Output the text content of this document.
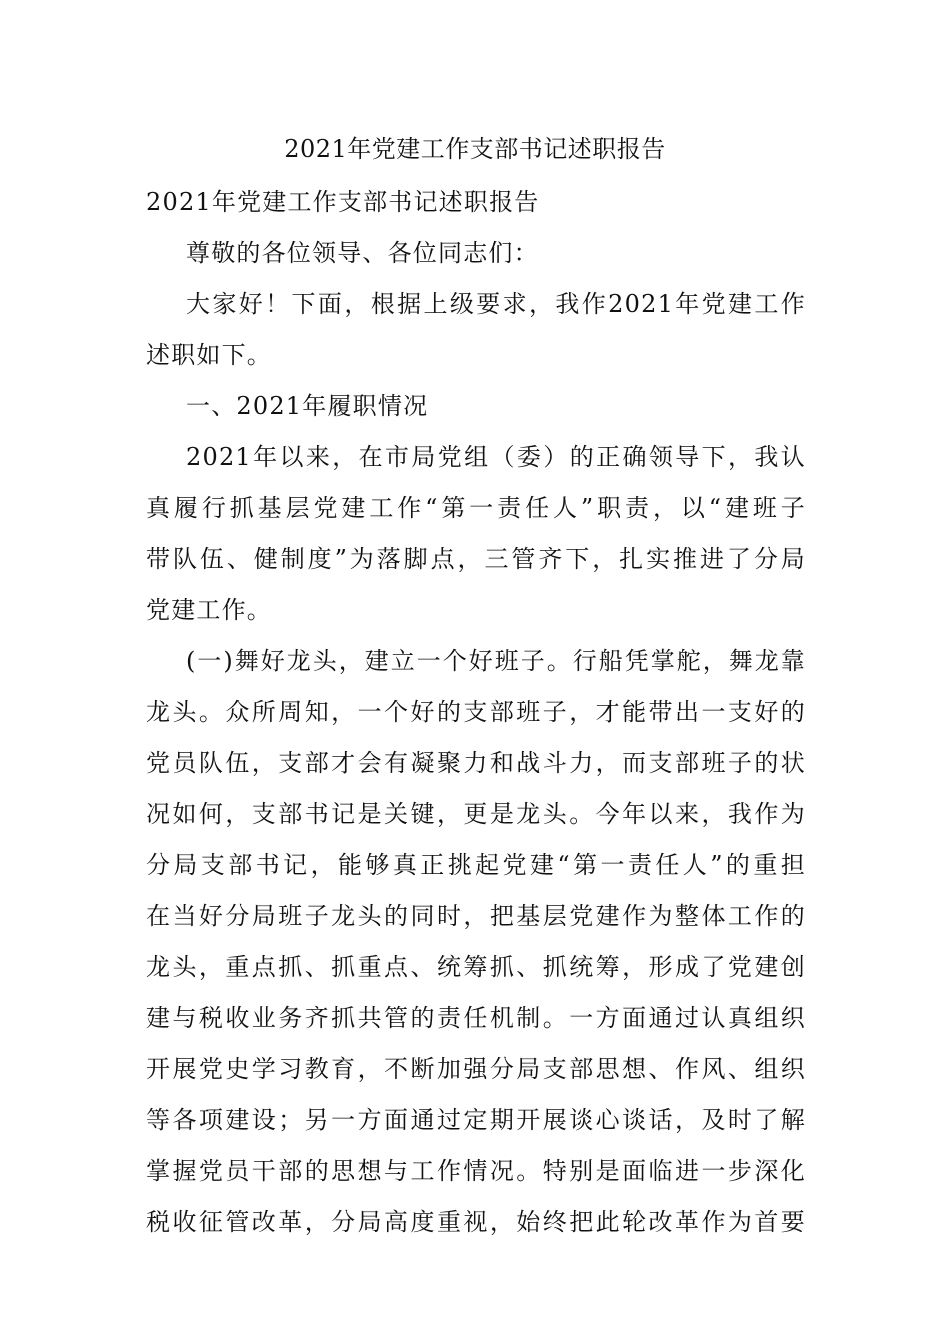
2021年党建工作支部书记述职报告
2021年党建工作支部书记述职报告
尊敬的各位领导、各位同志们：
大家好！下面，根据上级要求，我作2021年党建工作
述职如下。
一、2021年履职情况
2021年以来，在市局党组（委）的正确领导下，我认
真履行抓基层党建工作“第一责任人”职责，以“建班子
带队伍、健制度”为落脚点，三管齐下，扎实推进了分局
党建工作。
(一)舞好龙头，建立一个好班子。行船凭掌舵，舞龙靠
龙头。众所周知，一个好的支部班子，才能带出一支好的
党员队伍，支部才会有凝聚力和战斗力，而支部班子的状
况如何，支部书记是关键，更是龙头。今年以来，我作为
分局支部书记，能够真正挑起党建“第一责任人”的重担
在当好分局班子龙头的同时，把基层党建作为整体工作的
龙头，重点抓、抓重点、统筹抓、抓统筹，形成了党建创
建与税收业务齐抓共管的责任机制。一方面通过认真组织
开展党史学习教育，不断加强分局支部思想、作风、组织
等各项建设；另一方面通过定期开展谈心谈话，及时了解
掌握党员干部的思想与工作情况。特别是面临进一步深化
税收征管改革，分局高度重视，始终把此轮改革作为首要
